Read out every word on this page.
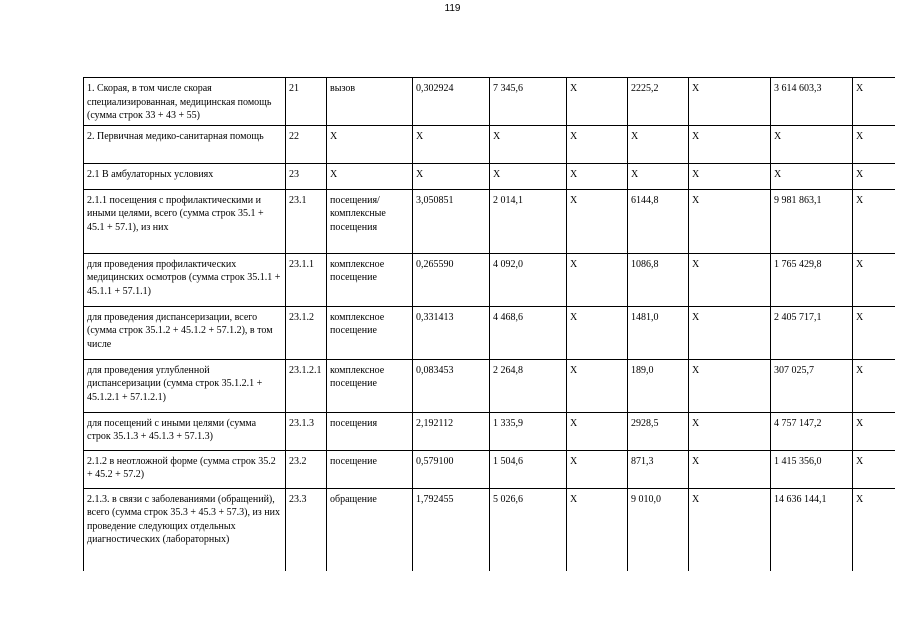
119
1. Скорая, в том числе скорая специализированная, медицинская помощь (сумма строк 33 + 43 + 55)	21	вызов	0,302924	7 345,6	Х	2225,2	Х	3 614 603,3	Х
2. Первичная медико-санитарная помощь	22	Х	Х	Х	Х	Х	Х	Х	Х
2.1 В амбулаторных условиях	23	Х	Х	Х	Х	Х	Х	Х	Х
2.1.1 посещения с профилактическими и иными целями, всего (сумма строк 35.1 + 45.1 + 57.1), из них	23.1	посещения/комплексные посещения	3,050851	2 014,1	Х	6144,8	Х	9 981 863,1	Х
для проведения профилактических медицинских осмотров (сумма строк 35.1.1 + 45.1.1 + 57.1.1)	23.1.1	комплексное посещение	0,265590	4 092,0	Х	1086,8	Х	1 765 429,8	Х
для проведения диспансеризации, всего (сумма строк 35.1.2 + 45.1.2 + 57.1.2), в том числе	23.1.2	комплексное посещение	0,331413	4 468,6	Х	1481,0	Х	2 405 717,1	Х
для проведения углубленной диспансеризации (сумма строк 35.1.2.1 + 45.1.2.1 + 57.1.2.1)	23.1.2.1	комплексное посещение	0,083453	2 264,8	Х	189,0	Х	307 025,7	Х
для посещений с иными целями (сумма строк 35.1.3 + 45.1.3 + 57.1.3)	23.1.3	посещения	2,192112	1 335,9	Х	2928,5	Х	4 757 147,2	Х
2.1.2 в неотложной форме (сумма строк 35.2 + 45.2 + 57.2)	23.2	посещение	0,579100	1 504,6	Х	871,3	Х	1 415 356,0	Х
2.1.3. в связи с заболеваниями (обращений), всего (сумма строк 35.3 + 45.3 + 57.3), из них проведение следующих отдельных диагностических (лабораторных)	23.3	обращение	1,792455	5 026,6	Х	9 010,0	Х	14 636 144,1	Х
